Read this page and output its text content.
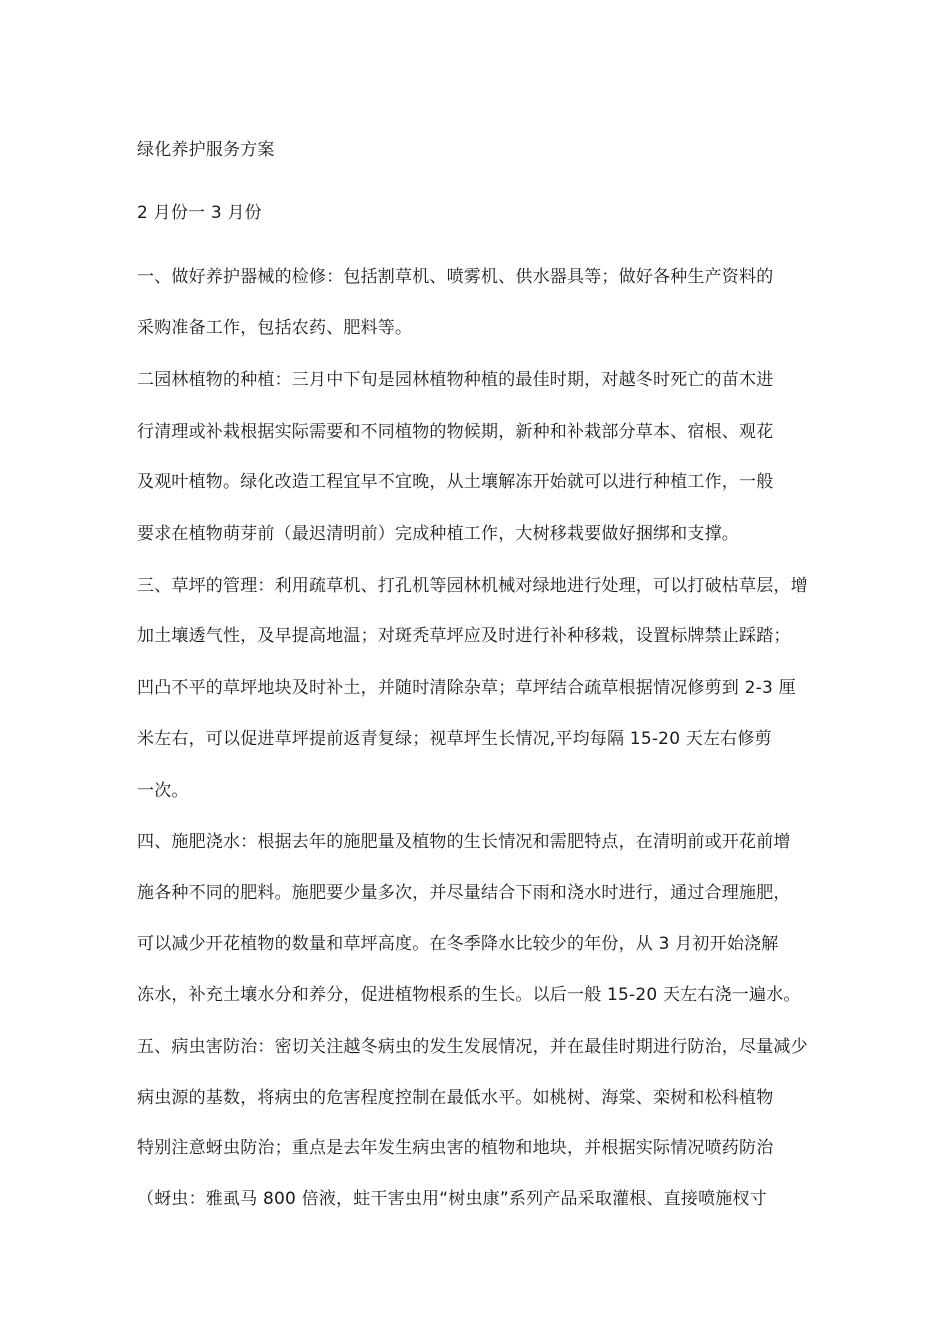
绿化养护服务方案
2 月份一 3 月份
一、做好养护器械的检修：包括割草机、喷雾机、供水器具等；做好各种生产资料的
采购准备工作，包括农药、肥料等。
二园林植物的种植：三月中下旬是园林植物种植的最佳时期，对越冬时死亡的苗木进
行清理或补栽根据实际需要和不同植物的物候期，新种和补栽部分草本、宿根、观花
及观叶植物。绿化改造工程宜早不宜晚，从土壤解冻开始就可以进行种植工作，一般
要求在植物萌芽前（最迟清明前）完成种植工作，大树移栽要做好捆绑和支撑。
三、草坪的管理：利用疏草机、打孔机等园林机械对绿地进行处理，可以打破枯草层，增
加土壤透气性，及早提高地温；对斑秃草坪应及时进行补种移栽，设置标牌禁止踩踏；
凹凸不平的草坪地块及时补土，并随时清除杂草；草坪结合疏草根据情况修剪到 2-3 厘
米左右，可以促进草坪提前返青复绿；视草坪生长情况,平均每隔 15-20 天左右修剪
一次。
四、施肥浇水：根据去年的施肥量及植物的生长情况和需肥特点，在清明前或开花前增
施各种不同的肥料。施肥要少量多次，并尽量结合下雨和浇水时进行，通过合理施肥，
可以减少开花植物的数量和草坪高度。在冬季降水比较少的年份，从 3 月初开始浇解
冻水，补充土壤水分和养分，促进植物根系的生长。以后一般 15-20 天左右浇一遍水。
五、病虫害防治：密切关注越冬病虫的发生发展情况，并在最佳时期进行防治，尽量减少
病虫源的基数，将病虫的危害程度控制在最低水平。如桃树、海棠、栾树和松科植物
特别注意蚜虫防治；重点是去年发生病虫害的植物和地块，并根据实际情况喷药防治
（蚜虫：雅虱马 800 倍液，蛀干害虫用“树虫康”系列产品采取灌根、直接喷施杈寸
